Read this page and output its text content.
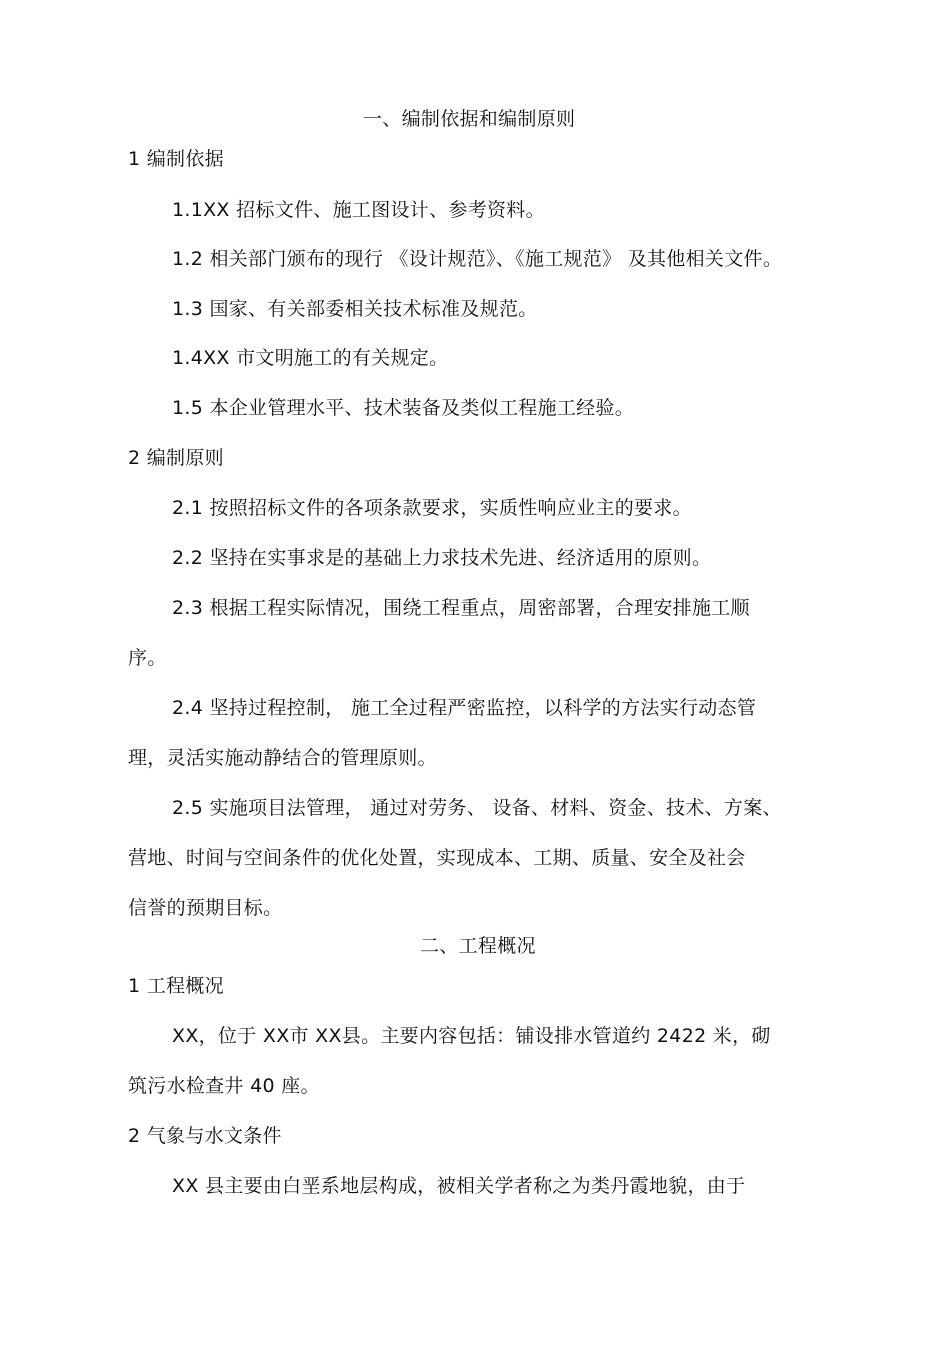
一、编制依据和编制原则
1 编制依据
1.1XX 招标文件、施工图设计、参考资料。
1.2 相关部门颁布的现行 《设计规范》、《施工规范》 及其他相关文件。
1.3 国家、有关部委相关技术标准及规范。
1.4XX 市文明施工的有关规定。
1.5 本企业管理水平、技术装备及类似工程施工经验。
2 编制原则
2.1 按照招标文件的各项条款要求，实质性响应业主的要求。
2.2 坚持在实事求是的基础上力求技术先进、经济适用的原则。
2.3 根据工程实际情况，围绕工程重点，周密部署，合理安排施工顺
序。
2.4 坚持过程控制， 施工全过程严密监控，以科学的方法实行动态管
理，灵活实施动静结合的管理原则。
2.5 实施项目法管理， 通过对劳务、 设备、材料、资金、技术、方案、
营地、时间与空间条件的优化处置，实现成本、工期、质量、安全及社会
信誉的预期目标。
二、工程概况
1 工程概况
XX，位于 XX市 XX县。主要内容包括：铺设排水管道约 2422 米，砌
筑污水检查井 40 座。
2 气象与水文条件
XX 县主要由白垩系地层构成，被相关学者称之为类丹霞地貌，由于
